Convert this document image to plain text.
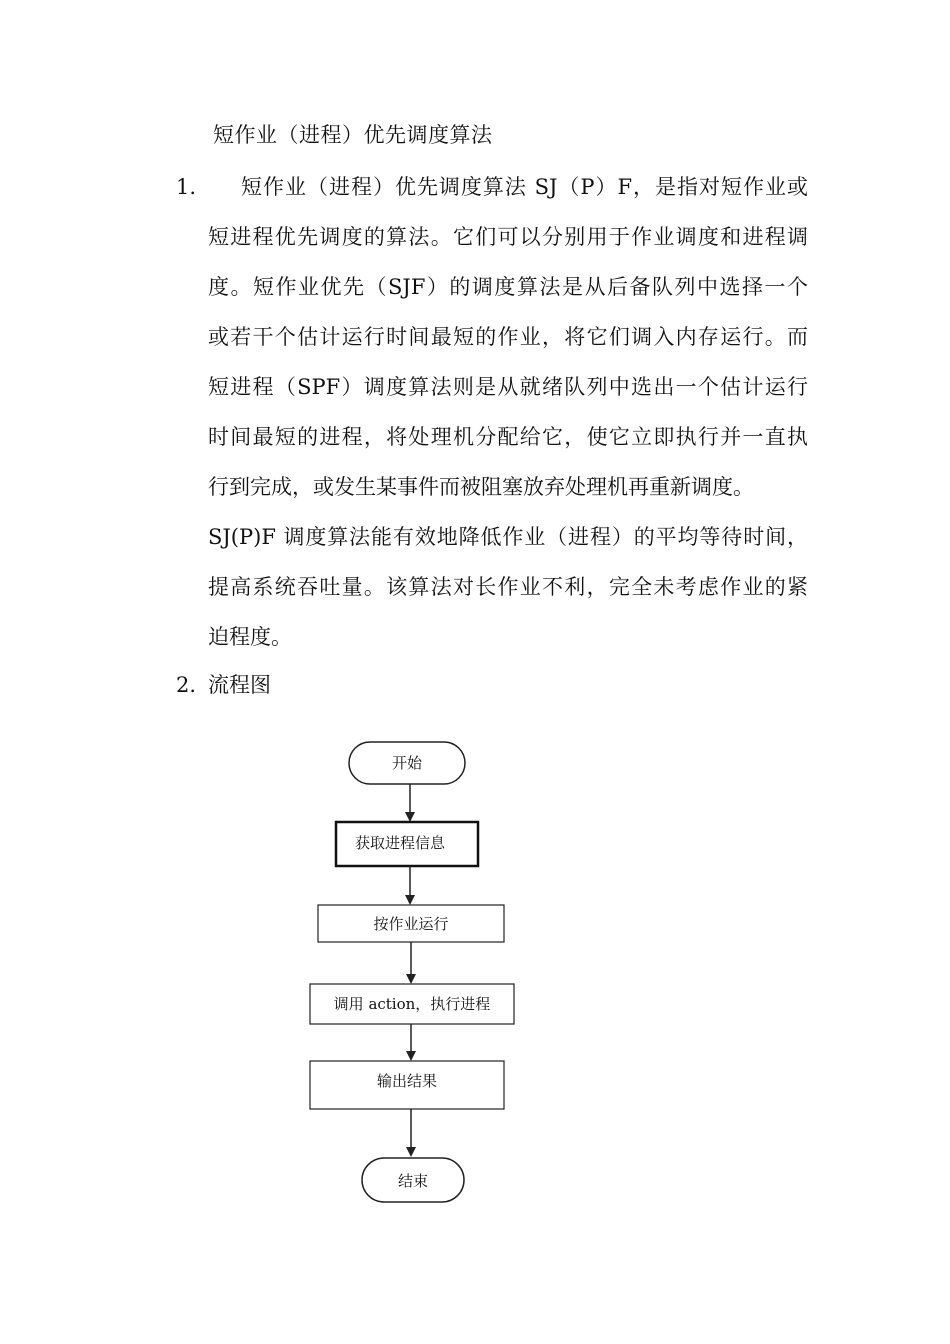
短作业（进程）优先调度算法
1.	短作业（进程）优先调度算法 SJ（P）F，是指对短作业或
短进程优先调度的算法。它们可以分别用于作业调度和进程调
度。短作业优先（SJF）的调度算法是从后备队列中选择一个
或若干个估计运行时间最短的作业，将它们调入内存运行。而
短进程（SPF）调度算法则是从就绪队列中选出一个估计运行
时间最短的进程，将处理机分配给它，使它立即执行并一直执
行到完成，或发生某事件而被阻塞放弃处理机再重新调度。
SJ(P)F 调度算法能有效地降低作业（进程）的平均等待时间，
提高系统吞吐量。该算法对长作业不利，完全未考虑作业的紧
迫程度。
2. 流程图
开始
获取进程信息
按作业运行
调用 action，执行进程
输出结果
结束
